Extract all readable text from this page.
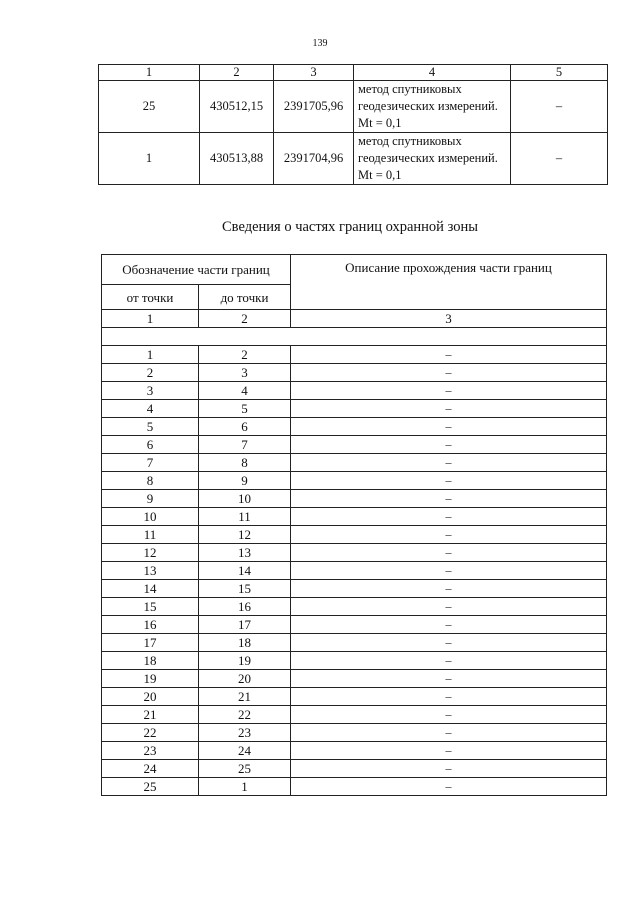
139
1	2	3	4	5
25	430512,15	2391705,96	метод спутниковых геодезических измерений. Mt = 0,1	–
1	430513,88	2391704,96	метод спутниковых геодезических измерений. Mt = 0,1	–
Сведения о частях границ охранной зоны
Обозначение части границ		Описание прохождения части границ
от точки	до точки	
1	2	3

1	2	–
2	3	–
3	4	–
4	5	–
5	6	–
6	7	–
7	8	–
8	9	–
9	10	–
10	11	–
11	12	–
12	13	–
13	14	–
14	15	–
15	16	–
16	17	–
17	18	–
18	19	–
19	20	–
20	21	–
21	22	–
22	23	–
23	24	–
24	25	–
25	1	–
